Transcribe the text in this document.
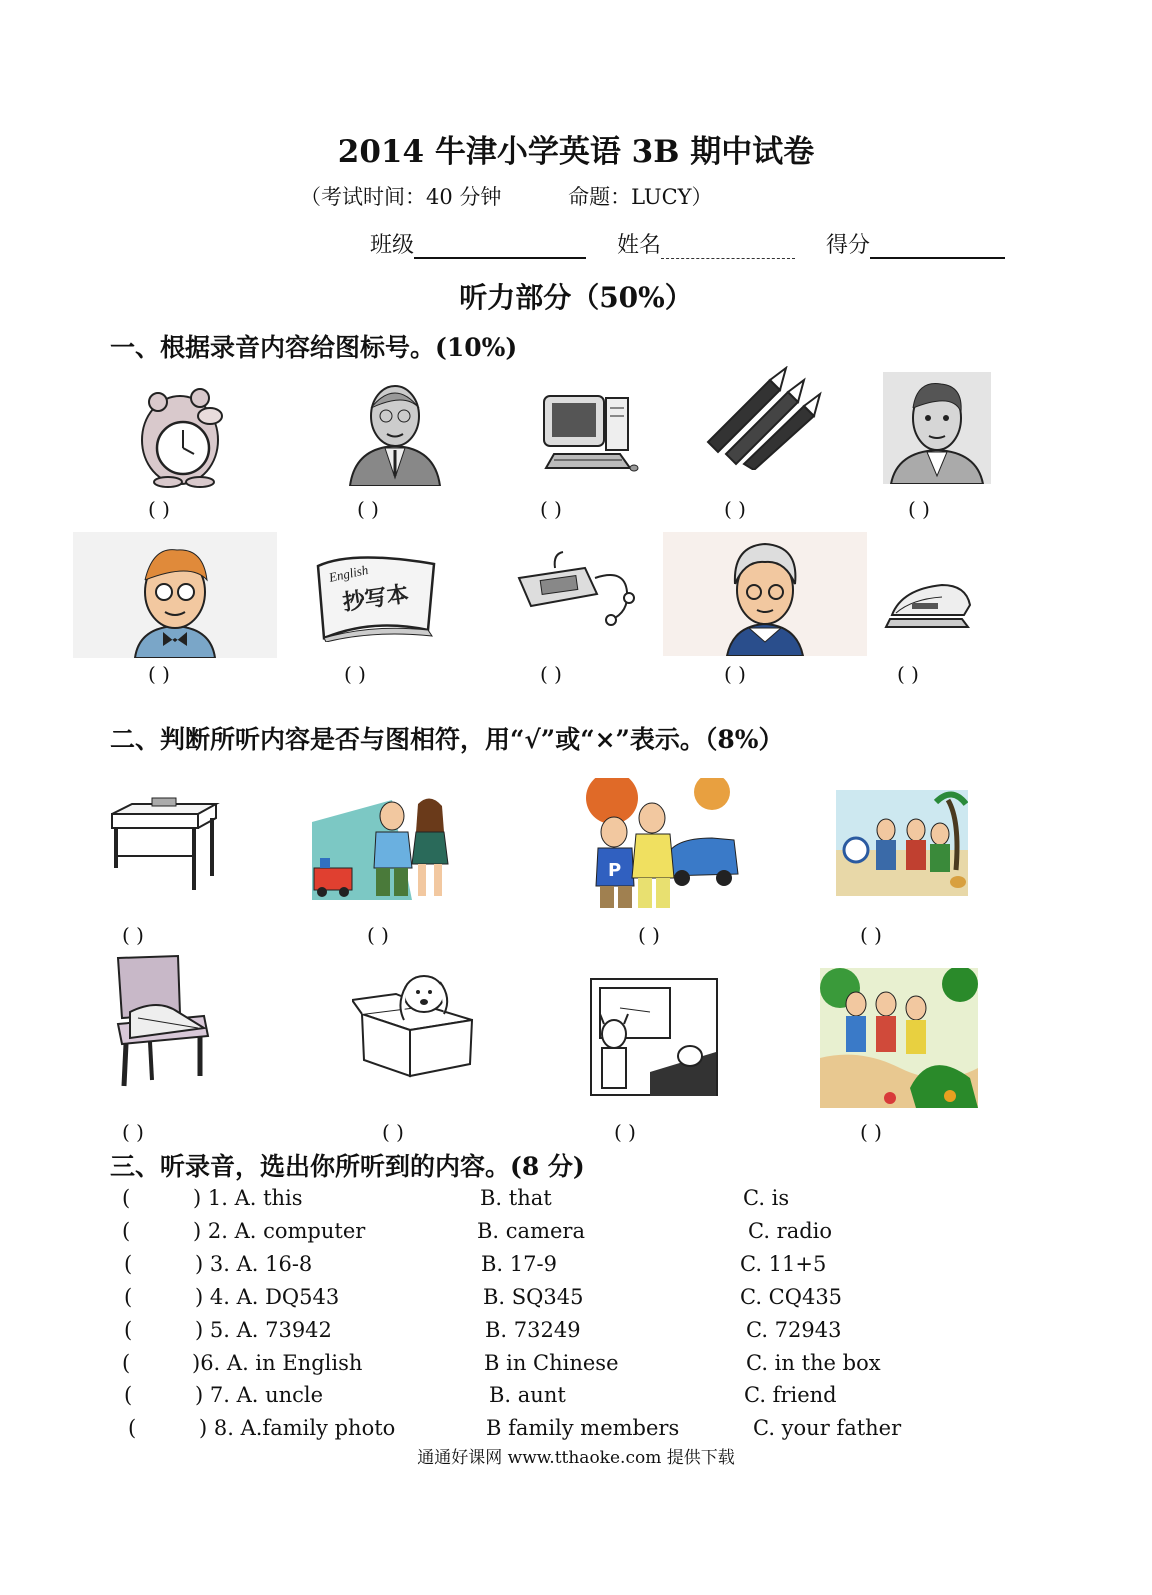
2014 牛津小学英语 3B 期中试卷
（考试时间：40 分钟	命题：LUCY）
班级	姓名	得分
听力部分（50%）
一、根据录音内容给图标号。(10%)
( )	( )	( )	( )	( )
English
抄写本
( )	( )	( )	( )	( )
二、判断所听内容是否与图相符，用“√”或“×”表示。（8%）
P
( )	( )	( )	( )
( )	( )	( )	( )
三、听录音，选出你所听到的内容。(8 分)
(	) 1. A. this	B. that	C. is
(	) 2. A. computer	B. camera	C. radio
(	) 3. A. 16-8	B. 17-9	C. 11+5
(	) 4. A. DQ543	B. SQ345	C. CQ435
(	) 5. A. 73942	B. 73249	C. 72943
(	)6. A. in English	B in Chinese	C. in the box
(	) 7. A. uncle	B. aunt	C. friend
(	) 8. A.family photo	B family members	C. your father
通通好课网 www.tthaoke.com 提供下载
